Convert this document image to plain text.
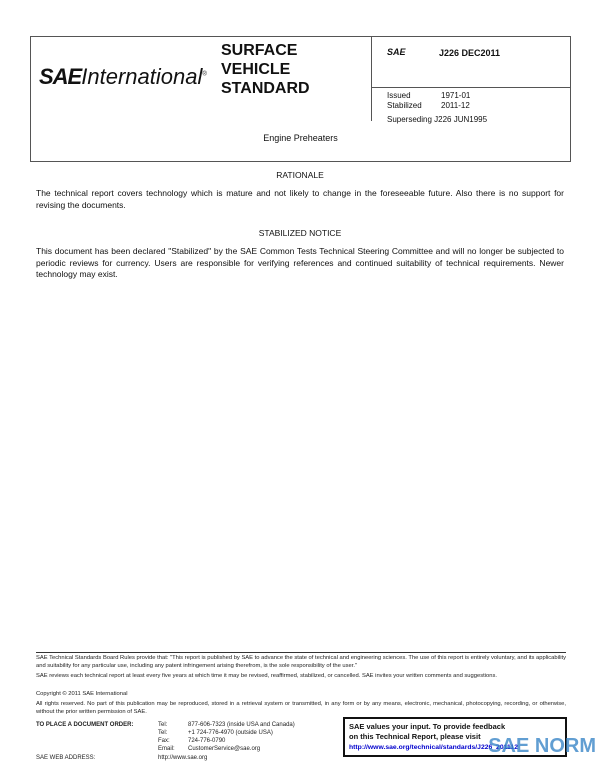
SAEInternational®
SURFACE
VEHICLE
STANDARD
SAE	J226 DEC2011
Issued	1971-01
Stabilized 2011-12
Superseding J226 JUN1995
Engine Preheaters
RATIONALE
The technical report covers technology which is mature and not likely to change in the foreseeable future. Also there is no support for revising the documents.
STABILIZED NOTICE
This document has been declared "Stabilized" by the SAE Common Tests Technical Steering Committee and will no longer be subjected to periodic reviews for currency. Users are responsible for verifying references and continued suitability of technical requirements. Newer technology may exist.
SAE Technical Standards Board Rules provide that: "This report is published by SAE to advance the state of technical and engineering sciences. The use of this report is entirely voluntary, and its applicability and suitability for any particular use, including any patent infringement arising therefrom, is the sole responsibility of the user."
SAE reviews each technical report at least every five years at which time it may be revised, reaffirmed, stabilized, or cancelled. SAE invites your written comments and suggestions.
Copyright © 2011 SAE International
All rights reserved. No part of this publication may be reproduced, stored in a retrieval system or transmitted, in any form or by any means, electronic, mechanical, photocopying, recording, or otherwise, without the prior written permission of SAE.
TO PLACE A DOCUMENT ORDER:	Tel:	877-606-7323 (inside USA and Canada)
Tel:	+1 724-776-4970 (outside USA)
Fax:	724-776-0790
Email: CustomerService@sae.org
SAE WEB ADDRESS:	http://www.sae.org
SAE values your input. To provide feedback
on this Technical Report, please visit
http://www.sae.org/technical/standards/J226_201112
SAE NORM
